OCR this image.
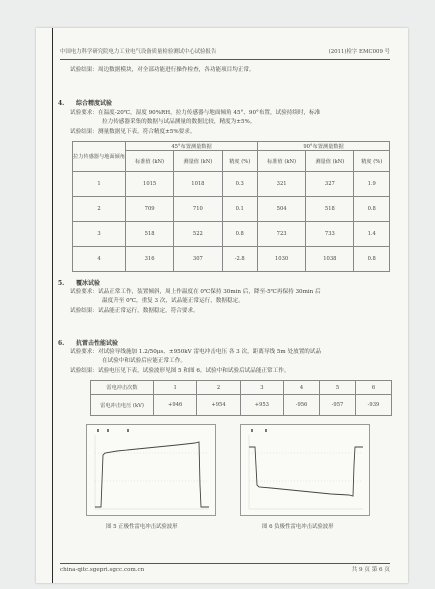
中国电力科学研究院电力工业电气设备质量检验测试中心试验报告	(2011)检字 EMC009 号
试验结果：周边数据模块，对全部功能进行操作检查，各功能项目均正常。
4. 综合精度试验
试验要求：在温度-20℃，湿度 90%RH，拉力传感器与地面倾角 45°、90°布置，试验持续时，标准
拉力传感器采集的数据与试品测量的数据比较，精度为±5%。
试验结果：测量数据见下表，符合精度±5%要求。
拉力传感器与地面倾角	45°布置测量数据			90°布置测量数据		
	标准值 (kN)	测量值 (kN)	精度 (%)	标准值 (kN)	测量值 (kN)	精度 (%)
1	1015	1018	0.3	321	327	1.9
2	709	710	0.1	504	518	0.8
3	518	522	0.8	723	733	1.4
4	316	307	-2.8	1030	1038	0.8
5. 覆冰试验
试验要求：试品正常工作，装置倾斜，周上作温度在 0℃保持 30min 后，降至-5℃再保持 30min 后
温度升至 0℃，重复 3 次，试品能正常运行，数据稳定。
试验结果：试品能正常运行，数据稳定，符合要求。
6. 抗雷击性能试验
试验要求：对试验导线施加 1.2/50μs、±950kV 雷电冲击电压 各 3 次，距离导线 5m 处放置的试品
在试验中和试验后应能正常工作。
试验结果：试验电压见下表，试验波形见图 5 和图 6。试验中和试验后试品能正常工作。
雷电冲击次数	1	2	3	4	5	6
雷电冲击电压 (kV)	+946	+954	+953	-956	-957	-939
图 5 正极性雷电冲击试验波形	图 6 负极性雷电冲击试验波形
china-qitc.sgepri.sgcc.com.cn	共 9 页 第 6 页
